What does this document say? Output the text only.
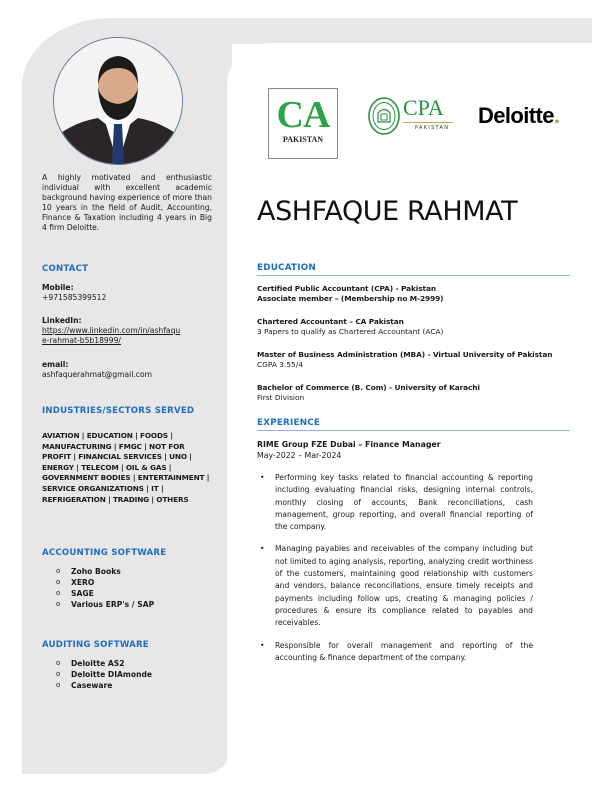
A highly motivated and enthusiastic individual with excellent academic background having experience of more than 10 years in the field of Audit, Accounting, Finance & Taxation including 4 years in Big 4 firm Deloitte.
CONTACT
Mobile:
+971585399512
LinkedIn:
https://www.linkedin.com/in/ashfaqu
e-rahmat-b5b18999/
email:
ashfaquerahmat@gmail.com
INDUSTRIES/SECTORS SERVED
AVIATION | EDUCATION | FOODS | MANUFACTURING | FMGC | NOT FOR PROFIT | FINANCIAL SERVICES | UNO | ENERGY | TELECOM | OIL & GAS | GOVERNMENT BODIES | ENTERTAINMENT | SERVICE ORGANIZATIONS | IT | REFRIGERATION | TRADING | OTHERS
ACCOUNTING SOFTWARE
o Zoho Books
o XERO
o SAGE
o Various ERP's / SAP
AUDITING SOFTWARE
o Deloitte AS2
o Deloitte DIAmonde
o Caseware
CA
PAKISTAN
CPA
PAKISTAN Deloitte.
ASHFAQUE RAHMAT
EDUCATION
Certified Public Accountant (CPA) - Pakistan
Associate member – (Membership no M-2999)
Chartered Accountant – CA Pakistan
3 Papers to qualify as Chartered Accountant (ACA)
Master of Business Administration (MBA) - Virtual University of Pakistan
CGPA 3.55/4
Bachelor of Commerce (B. Com) - University of Karachi
First Division
EXPERIENCE
RIME Group FZE Dubai – Finance Manager
May-2022 – Mar-2024
• Performing key tasks related to financial accounting & reporting including evaluating financial risks, designing internal controls, monthly closing of accounts, Bank reconciliations, cash management, group reporting, and overall financial reporting of the company.
• Managing payables and receivables of the company including but not limited to aging analysis, reporting, analyzing credit worthiness of the customers, maintaining good relationship with customers and vendors, balance reconciliations, ensure timely receipts and payments including follow ups, creating & managing policies / procedures & ensure its compliance related to payables and receivables.
• Responsible for overall management and reporting of the accounting & finance department of the company.
